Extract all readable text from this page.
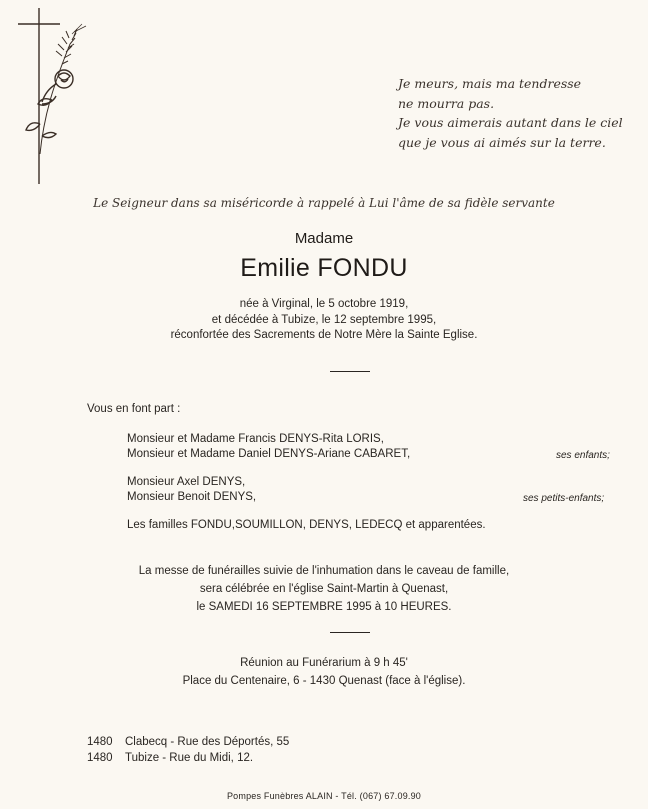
Je meurs, mais ma tendresse
ne mourra pas.
Je vous aimerais autant dans le ciel
que je vous ai aimés sur la terre.
Le Seigneur dans sa miséricorde à rappelé à Lui l'âme de sa fidèle servante
Madame
Emilie FONDU
née à Virginal, le 5 octobre 1919,
et décédée à Tubize, le 12 septembre 1995,
réconfortée des Sacrements de Notre Mère la Sainte Eglise.
Vous en font part :
Monsieur et Madame Francis DENYS-Rita LORIS,
Monsieur et Madame Daniel DENYS-Ariane CABARET,	ses enfants;
Monsieur Axel DENYS,
Monsieur Benoit DENYS,	ses petits-enfants;
Les familles FONDU,SOUMILLON, DENYS, LEDECQ et apparentées.
La messe de funérailles suivie de l'inhumation dans le caveau de famille,
sera célébrée en l'église Saint-Martin à Quenast,
le SAMEDI 16 SEPTEMBRE 1995 à 10 HEURES.
Réunion au Funérarium à 9 h 45'
Place du Centenaire, 6 - 1430 Quenast (face à l'église).
1480 Clabecq - Rue des Déportés, 55
1480 Tubize - Rue du Midi, 12.
Pompes Funèbres ALAIN - Tél. (067) 67.09.90
